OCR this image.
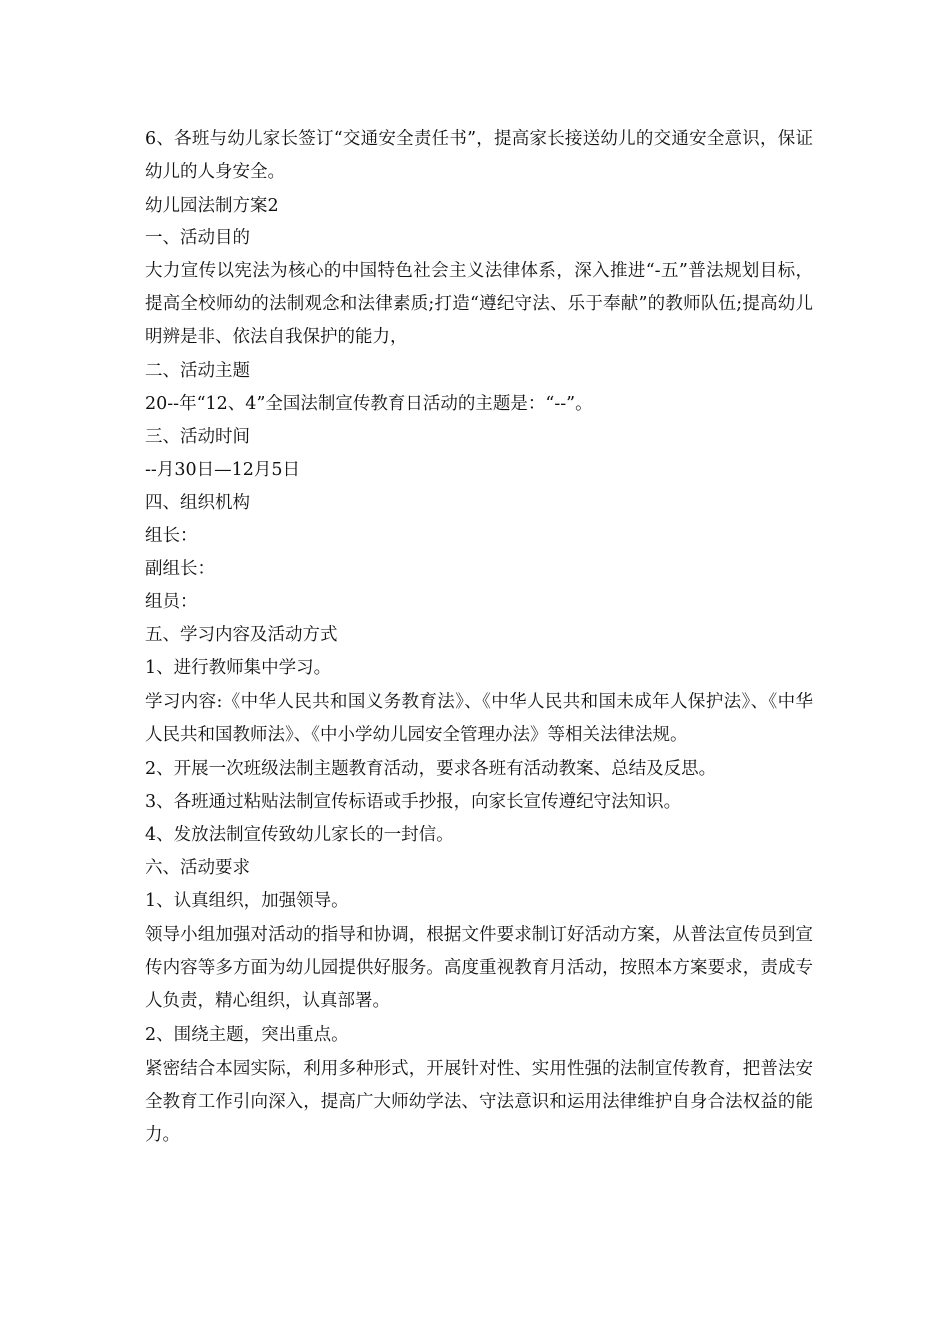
6、各班与幼儿家长签订“交通安全责任书”，提高家长接送幼儿的交通安全意识，保证幼儿的人身安全。

幼儿园法制方案2

一、活动目的

大力宣传以宪法为核心的中国特色社会主义法律体系，深入推进“-五”普法规划目标，提高全校师幼的法制观念和法律素质;打造“遵纪守法、乐于奉献”的教师队伍;提高幼儿明辨是非、依法自我保护的能力，

二、活动主题

20--年“12、4”全国法制宣传教育日活动的主题是：“--”。

三、活动时间

--月30日—12月5日

四、组织机构

组长：

副组长：

组员：

五、学习内容及活动方式

1、进行教师集中学习。

学习内容:《中华人民共和国义务教育法》、《中华人民共和国未成年人保护法》、《中华人民共和国教师法》、《中小学幼儿园安全管理办法》等相关法律法规。

2、开展一次班级法制主题教育活动，要求各班有活动教案、总结及反思。

3、各班通过粘贴法制宣传标语或手抄报，向家长宣传遵纪守法知识。

4、发放法制宣传致幼儿家长的一封信。

六、活动要求

1、认真组织，加强领导。

领导小组加强对活动的指导和协调，根据文件要求制订好活动方案，从普法宣传员到宣传内容等多方面为幼儿园提供好服务。高度重视教育月活动，按照本方案要求，责成专人负责，精心组织，认真部署。

2、围绕主题，突出重点。

紧密结合本园实际，利用多种形式，开展针对性、实用性强的法制宣传教育，把普法安全教育工作引向深入，提高广大师幼学法、守法意识和运用法律维护自身合法权益的能力。
